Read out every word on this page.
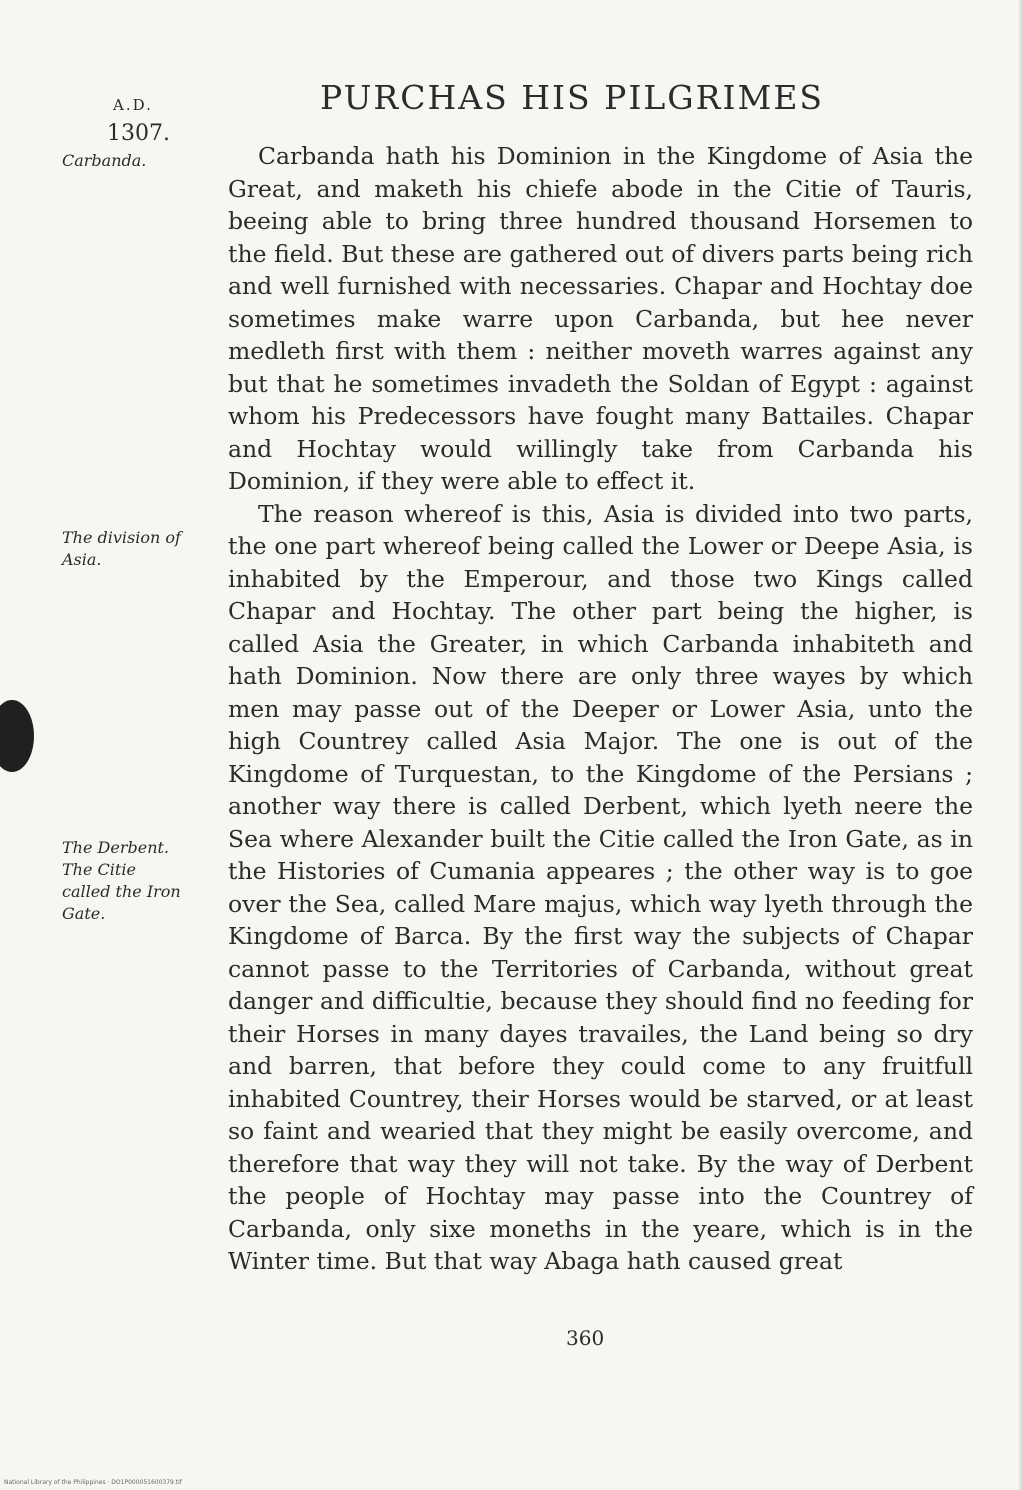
A.D.
1307.
PURCHAS HIS PILGRIMES
Carbanda.
The division of Asia.
The Derbent. The Citie called the Iron Gate.

Carbanda hath his Dominion in the Kingdome of Asia the Great, and maketh his chiefe abode in the Citie of Tauris, beeing able to bring three hundred thousand Horsemen to the field. But these are gathered out of divers parts being rich and well furnished with necessaries. Chapar and Hochtay doe sometimes make warre upon Carbanda, but hee never medleth first with them : neither moveth warres against any but that he sometimes invadeth the Soldan of Egypt : against whom his Predecessors have fought many Battailes. Chapar and Hochtay would willingly take from Carbanda his Dominion, if they were able to effect it.

The reason whereof is this, Asia is divided into two parts, the one part whereof being called the Lower or Deepe Asia, is inhabited by the Emperour, and those two Kings called Chapar and Hochtay. The other part being the higher, is called Asia the Greater, in which Carbanda inhabiteth and hath Dominion. Now there are only three wayes by which men may passe out of the Deeper or Lower Asia, unto the high Countrey called Asia Major. The one is out of the Kingdome of Turquestan, to the Kingdome of the Persians ; another way there is called Derbent, which lyeth neere the Sea where Alexander built the Citie called the Iron Gate, as in the Histories of Cumania appeares ; the other way is to goe over the Sea, called Mare majus, which way lyeth through the Kingdome of Barca. By the first way the subjects of Chapar cannot passe to the Territories of Carbanda, without great danger and difficultie, because they should find no feeding for their Horses in many dayes travailes, the Land being so dry and barren, that before they could come to any fruitfull inhabited Countrey, their Horses would be starved, or at least so faint and wearied that they might be easily overcome, and therefore that way they will not take. By the way of Derbent the people of Hochtay may passe into the Countrey of Carbanda, only sixe moneths in the yeare, which is in the Winter time. But that way Abaga hath caused great

360
National Library of the Philippines · DO1P000051600379.tif
